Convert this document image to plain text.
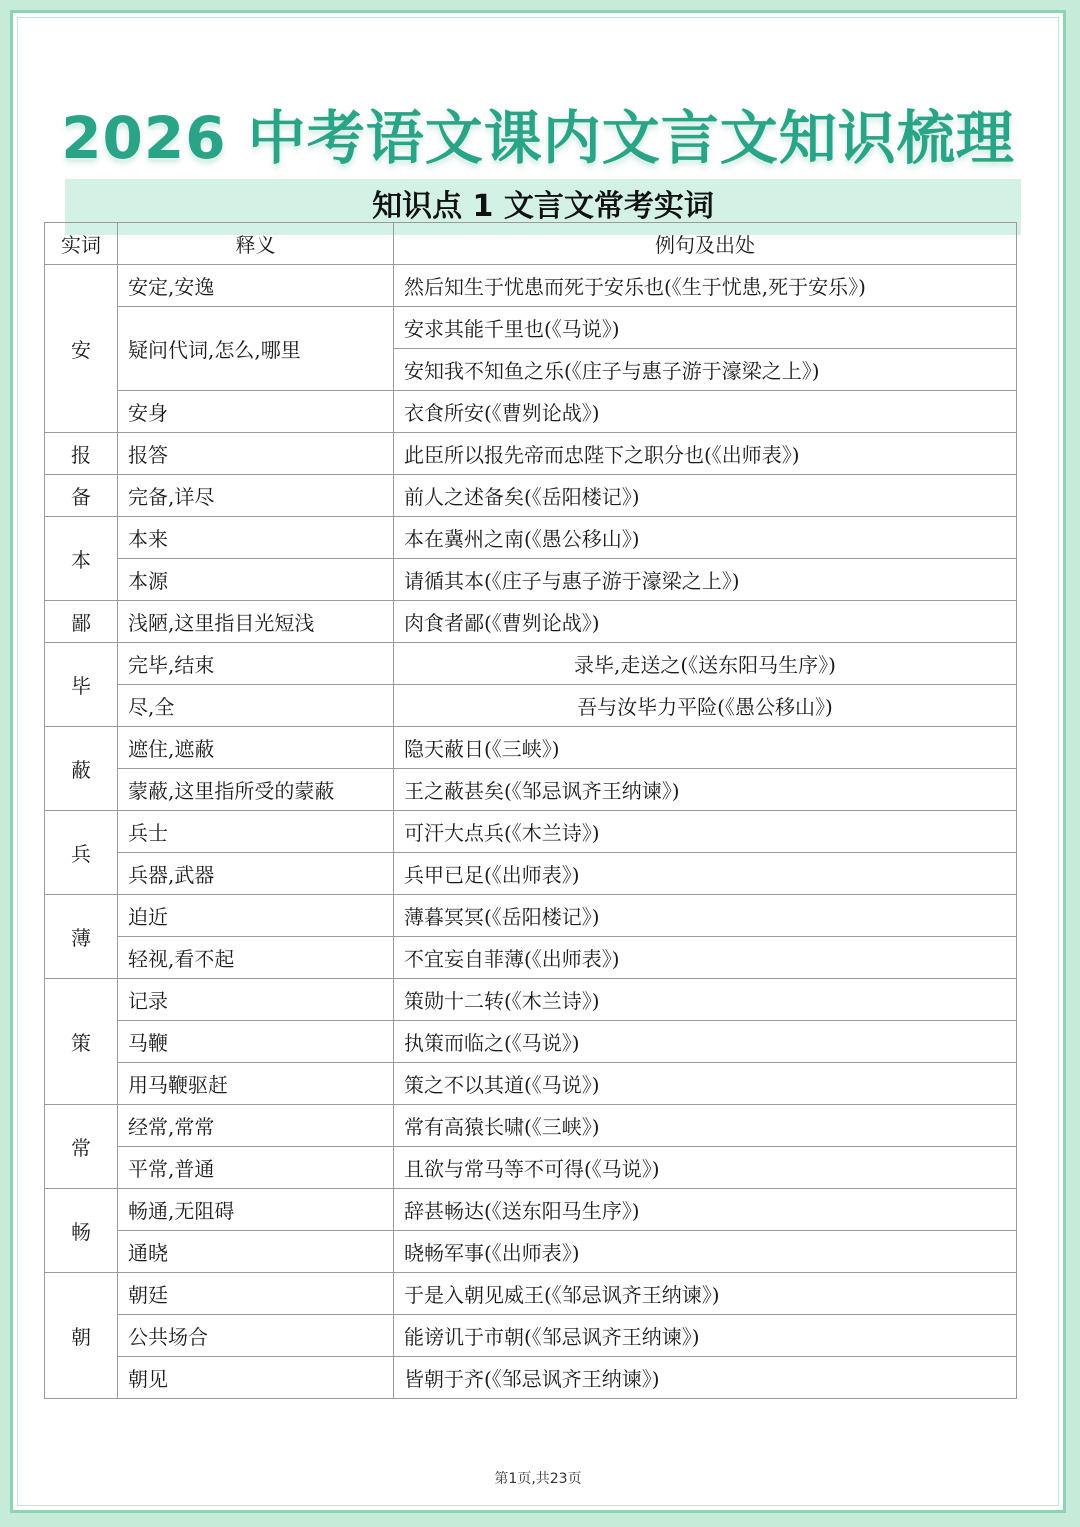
2026 中考语文课内文言文知识梳理
知识点 1 文言文常考实词
第1页,共23页
实词	释义	例句及出处
安	安定,安逸	然后知生于忧患而死于安乐也(《生于忧患,死于安乐》)
	疑问代词,怎么,哪里	安求其能千里也(《马说》)
		安知我不知鱼之乐(《庄子与惠子游于濠梁之上》)
	安身	衣食所安(《曹刿论战》)
报	报答	此臣所以报先帝而忠陛下之职分也(《出师表》)
备	完备,详尽	前人之述备矣(《岳阳楼记》)
本	本来	本在冀州之南(《愚公移山》)
	本源	请循其本(《庄子与惠子游于濠梁之上》)
鄙	浅陋,这里指目光短浅	肉食者鄙(《曹刿论战》)
毕	完毕,结束	录毕,走送之(《送东阳马生序》)
	尽,全	吾与汝毕力平险(《愚公移山》)
蔽	遮住,遮蔽	隐天蔽日(《三峡》)
	蒙蔽,这里指所受的蒙蔽	王之蔽甚矣(《邹忌讽齐王纳谏》)
兵	兵士	可汗大点兵(《木兰诗》)
	兵器,武器	兵甲已足(《出师表》)
薄	迫近	薄暮冥冥(《岳阳楼记》)
	轻视,看不起	不宜妄自菲薄(《出师表》)
策	记录	策勋十二转(《木兰诗》)
	马鞭	执策而临之(《马说》)
	用马鞭驱赶	策之不以其道(《马说》)
常	经常,常常	常有高猿长啸(《三峡》)
	平常,普通	且欲与常马等不可得(《马说》)
畅	畅通,无阻碍	辞甚畅达(《送东阳马生序》)
	通晓	晓畅军事(《出师表》)
朝	朝廷	于是入朝见威王(《邹忌讽齐王纳谏》)
	公共场合	能谤讥于市朝(《邹忌讽齐王纳谏》)
	朝见	皆朝于齐(《邹忌讽齐王纳谏》)
